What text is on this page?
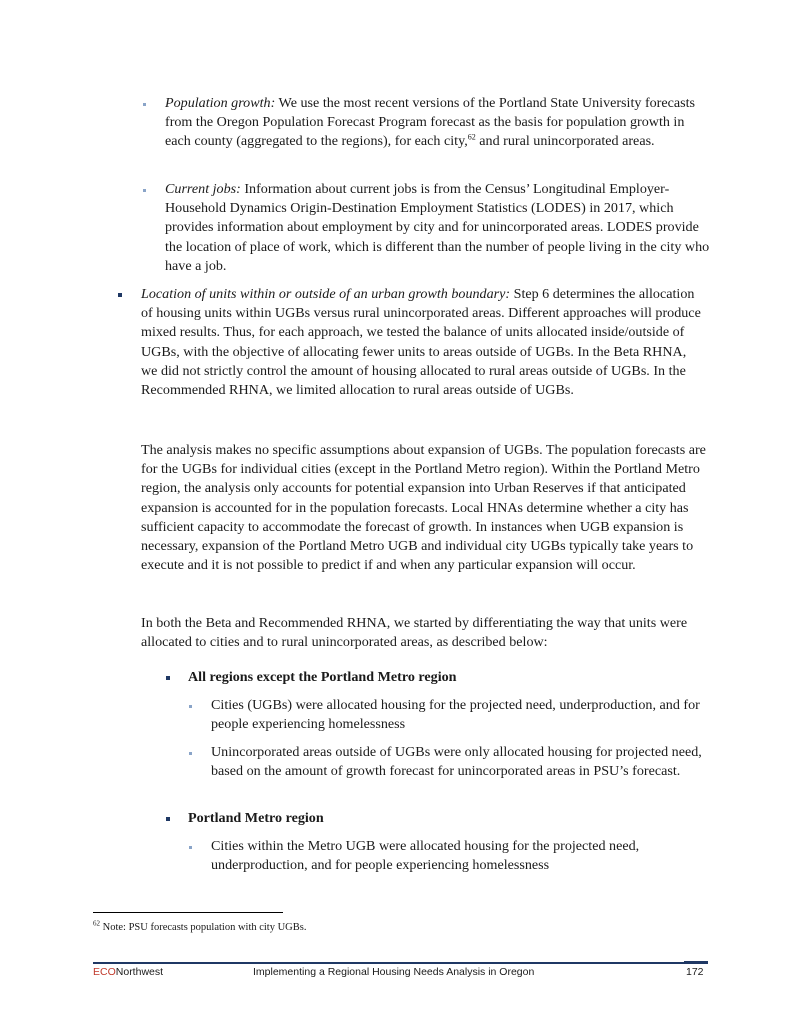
Population growth: We use the most recent versions of the Portland State University forecasts from the Oregon Population Forecast Program forecast as the basis for population growth in each county (aggregated to the regions), for each city,$^{62}$ and rural unincorporated areas.
Current jobs: Information about current jobs is from the Census’ Longitudinal Employer-Household Dynamics Origin-Destination Employment Statistics (LODES) in 2017, which provides information about employment by city and for unincorporated areas. LODES provide the location of place of work, which is different than the number of people living in the city who have a job.
Location of units within or outside of an urban growth boundary: Step 6 determines the allocation of housing units within UGBs versus rural unincorporated areas. Different approaches will produce mixed results. Thus, for each approach, we tested the balance of units allocated inside/outside of UGBs, with the objective of allocating fewer units to areas outside of UGBs. In the Beta RHNA, we did not strictly control the amount of housing allocated to rural areas outside of UGBs. In the Recommended RHNA, we limited allocation to rural areas outside of UGBs.
The analysis makes no specific assumptions about expansion of UGBs. The population forecasts are for the UGBs for individual cities (except in the Portland Metro region). Within the Portland Metro region, the analysis only accounts for potential expansion into Urban Reserves if that anticipated expansion is accounted for in the population forecasts. Local HNAs determine whether a city has sufficient capacity to accommodate the forecast of growth. In instances when UGB expansion is necessary, expansion of the Portland Metro UGB and individual city UGBs typically take years to execute and it is not possible to predict if and when any particular expansion will occur.
In both the Beta and Recommended RHNA, we started by differentiating the way that units were allocated to cities and to rural unincorporated areas, as described below:
All regions except the Portland Metro region
Cities (UGBs) were allocated housing for the projected need, underproduction, and for people experiencing homelessness
Unincorporated areas outside of UGBs were only allocated housing for projected need, based on the amount of growth forecast for unincorporated areas in PSU’s forecast.
Portland Metro region
Cities within the Metro UGB were allocated housing for the projected need, underproduction, and for people experiencing homelessness
$^{62}$ Note: PSU forecasts population with city UGBs.
ECONorthwest	Implementing a Regional Housing Needs Analysis in Oregon	172
